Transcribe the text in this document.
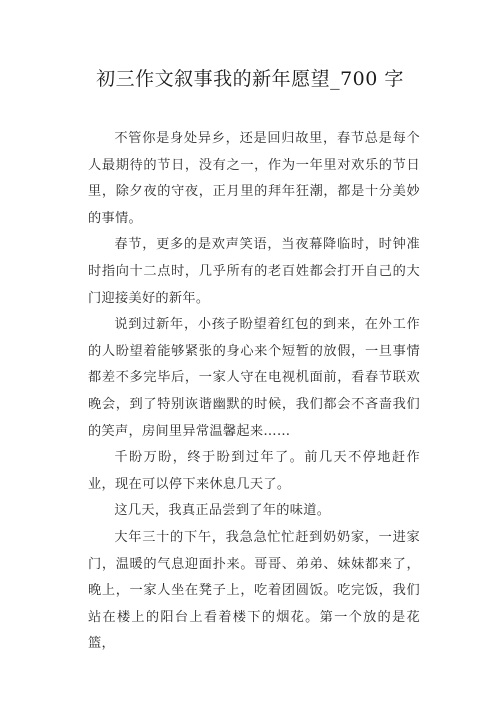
初三作文叙事我的新年愿望_700 字

不管你是身处异乡，还是回归故里，春节总是每个人最期待的节日，没有之一，作为一年里对欢乐的节日里，除夕夜的守夜，正月里的拜年狂潮，都是十分美妙的事情。

春节，更多的是欢声笑语，当夜幕降临时，时钟准时指向十二点时，几乎所有的老百姓都会打开自己的大门迎接美好的新年。

说到过新年，小孩子盼望着红包的到来，在外工作的人盼望着能够紧张的身心来个短暂的放假，一旦事情都差不多完毕后，一家人守在电视机面前，看春节联欢晚会，到了特别诙谐幽默的时候，我们都会不吝啬我们的笑声，房间里异常温馨起来……

千盼万盼，终于盼到过年了。前几天不停地赶作业，现在可以停下来休息几天了。

这几天，我真正品尝到了年的味道。

大年三十的下午，我急急忙忙赶到奶奶家，一进家门，温暖的气息迎面扑来。哥哥、弟弟、妹妹都来了，晚上，一家人坐在凳子上，吃着团圆饭。吃完饭，我们站在楼上的阳台上看着楼下的烟花。第一个放的是花篮，
